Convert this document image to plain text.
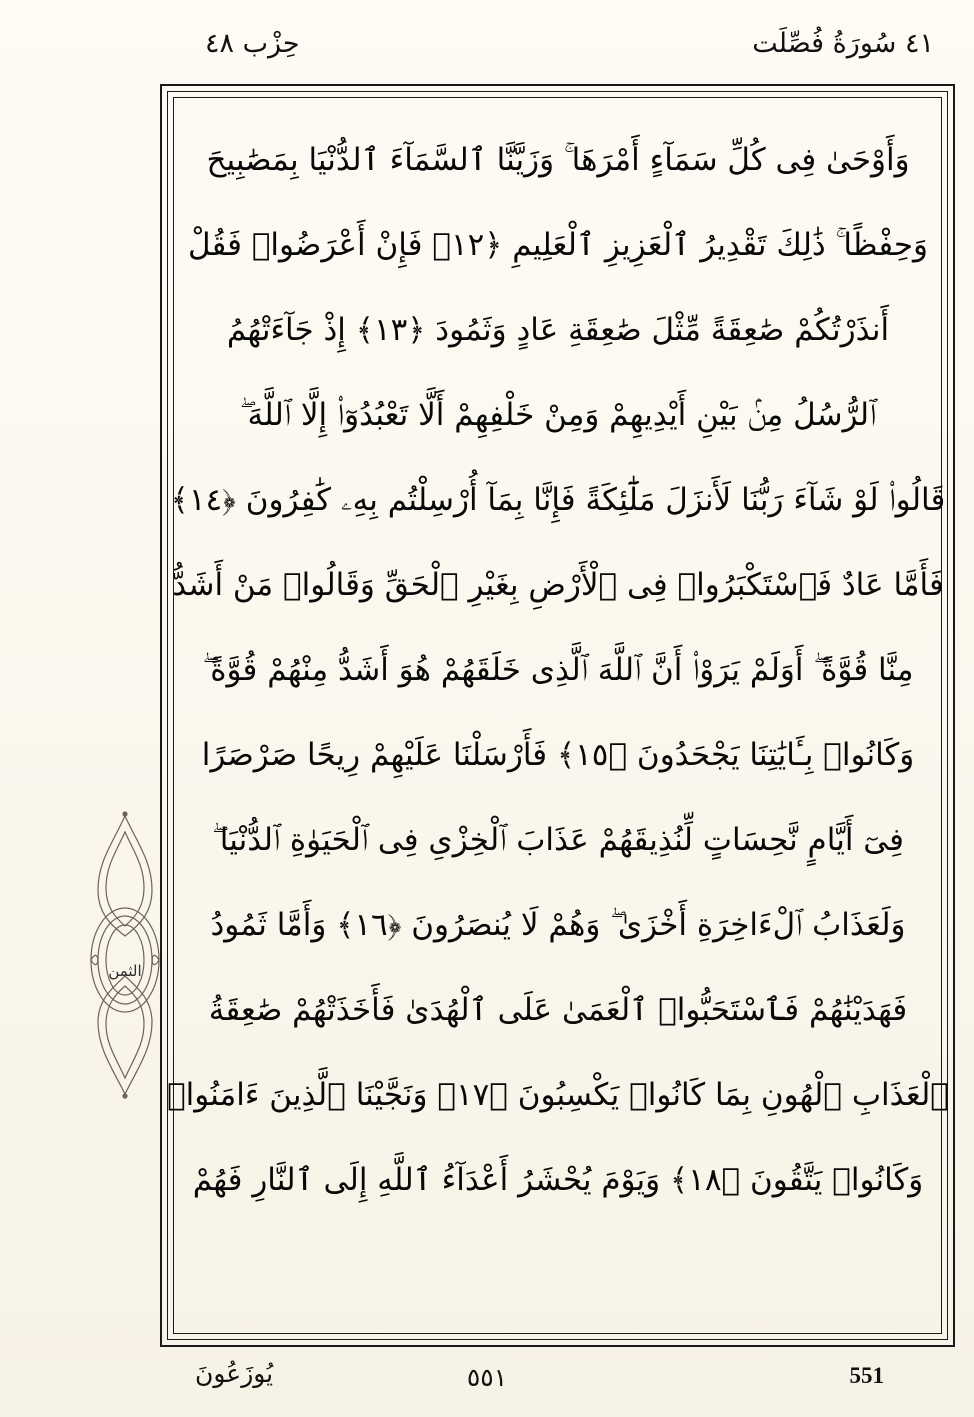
٤١ سُورَةُ فُصِّلَت
حِزْب ٤٨
الثمن
وَأَوْحَىٰ فِى كُلِّ سَمَآءٍ أَمْرَهَا ۚ وَزَيَّنَّا ٱلسَّمَآءَ ٱلدُّنْيَا بِمَصَٰبِيحَ
وَحِفْظًا ۚ ذَٰلِكَ تَقْدِيرُ ٱلْعَزِيزِ ٱلْعَلِيمِ ﴿١٢﴾ فَإِنْ أَعْرَضُوا۟ فَقُلْ
أَنذَرْتُكُمْ صَٰعِقَةً مِّثْلَ صَٰعِقَةِ عَادٍ وَثَمُودَ ﴿١٣﴾ إِذْ جَآءَتْهُمُ
ٱلرُّسُلُ مِنۢ بَيْنِ أَيْدِيهِمْ وَمِنْ خَلْفِهِمْ أَلَّا تَعْبُدُوٓا۟ إِلَّا ٱللَّهَ ۖ
قَالُوا۟ لَوْ شَآءَ رَبُّنَا لَأَنزَلَ مَلَٰٓئِكَةً فَإِنَّا بِمَآ أُرْسِلْتُم بِهِۦ كَٰفِرُونَ ﴿١٤﴾
فَأَمَّا عَادٌ فَٱسْتَكْبَرُوا۟ فِى ٱلْأَرْضِ بِغَيْرِ ٱلْحَقِّ وَقَالُوا۟ مَنْ أَشَدُّ
مِنَّا قُوَّةً ۖ أَوَلَمْ يَرَوْا۟ أَنَّ ٱللَّهَ ٱلَّذِى خَلَقَهُمْ هُوَ أَشَدُّ مِنْهُمْ قُوَّةً ۖ
وَكَانُوا۟ بِـَٔايَٰتِنَا يَجْحَدُونَ ﴿١٥﴾ فَأَرْسَلْنَا عَلَيْهِمْ رِيحًا صَرْصَرًا
فِىٓ أَيَّامٍ نَّحِسَاتٍ لِّنُذِيقَهُمْ عَذَابَ ٱلْخِزْىِ فِى ٱلْحَيَوٰةِ ٱلدُّنْيَا ۖ
وَلَعَذَابُ ٱلْءَاخِرَةِ أَخْزَىٰ ۖ وَهُمْ لَا يُنصَرُونَ ﴿١٦﴾ وَأَمَّا ثَمُودُ
فَهَدَيْنَٰهُمْ فَٱسْتَحَبُّوا۟ ٱلْعَمَىٰ عَلَى ٱلْهُدَىٰ فَأَخَذَتْهُمْ صَٰعِقَةُ
ٱلْعَذَابِ ٱلْهُونِ بِمَا كَانُوا۟ يَكْسِبُونَ ﴿١٧﴾ وَنَجَّيْنَا ٱلَّذِينَ ءَامَنُوا۟
وَكَانُوا۟ يَتَّقُونَ ﴿١٨﴾ وَيَوْمَ يُحْشَرُ أَعْدَآءُ ٱللَّهِ إِلَى ٱلنَّارِ فَهُمْ
٥٥١	551
يُوزَعُونَ
